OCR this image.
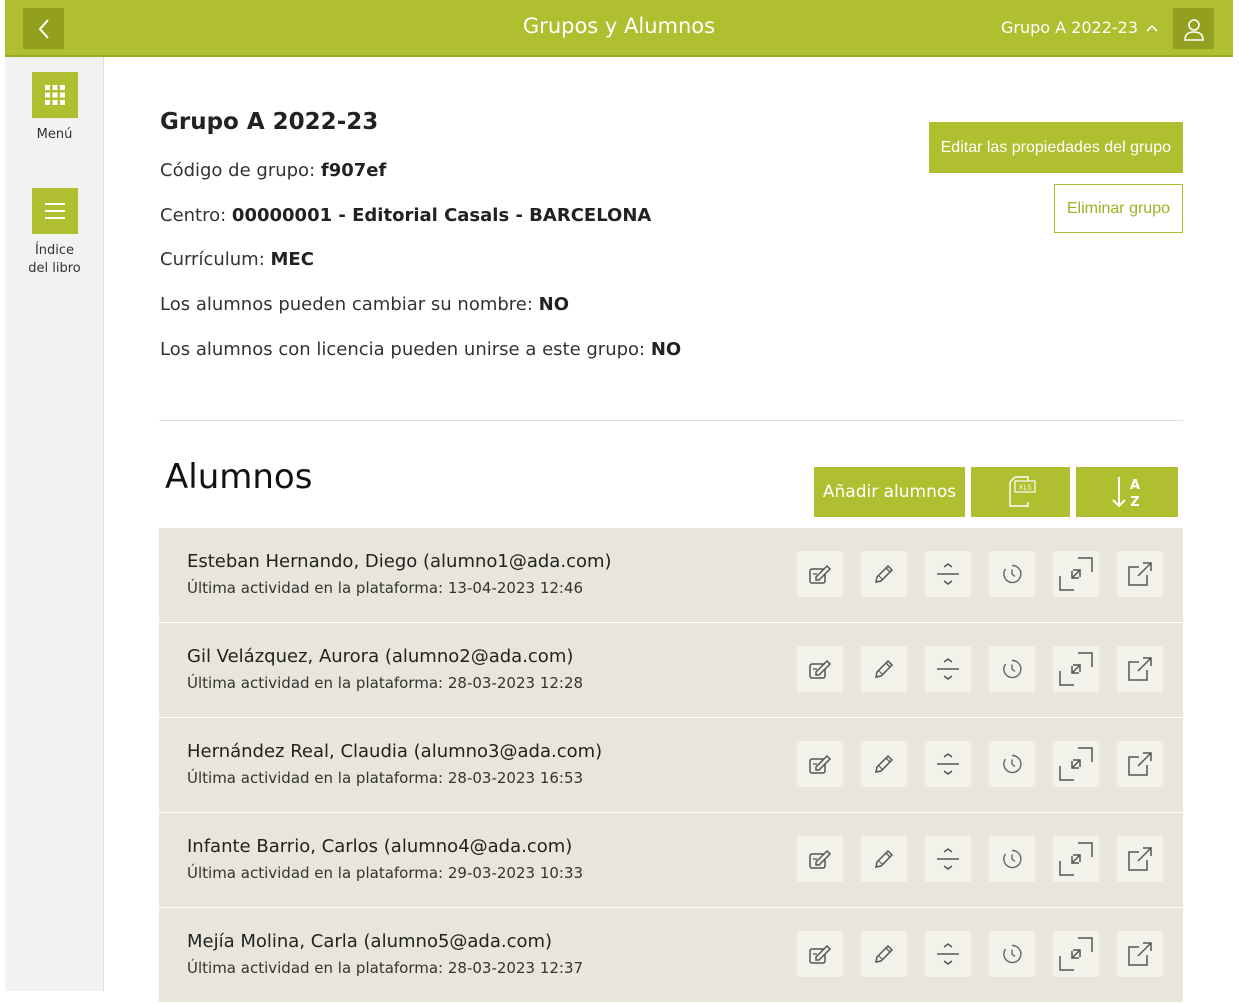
Grupos y Alumnos	Grupo A 2022-23
Menú
Índice
del libro
Grupo A 2022-23
Código de grupo: f907ef
Centro: 00000001 - Editorial Casals - BARCELONA
Currículum: MEC
Los alumnos pueden cambiar su nombre: NO
Los alumnos con licencia pueden unirse a este grupo: NO
Editar las propiedades del grupo
Eliminar grupo
Alumnos	Añadir alumnos	XLS	A
Z
Esteban Hernando, Diego (alumno1@ada.com)
Última actividad en la plataforma: 13-04-2023 12:46
Gil Velázquez, Aurora (alumno2@ada.com)
Última actividad en la plataforma: 28-03-2023 12:28
Hernández Real, Claudia (alumno3@ada.com)
Última actividad en la plataforma: 28-03-2023 16:53
Infante Barrio, Carlos (alumno4@ada.com)
Última actividad en la plataforma: 29-03-2023 10:33
Mejía Molina, Carla (alumno5@ada.com)
Última actividad en la plataforma: 28-03-2023 12:37
